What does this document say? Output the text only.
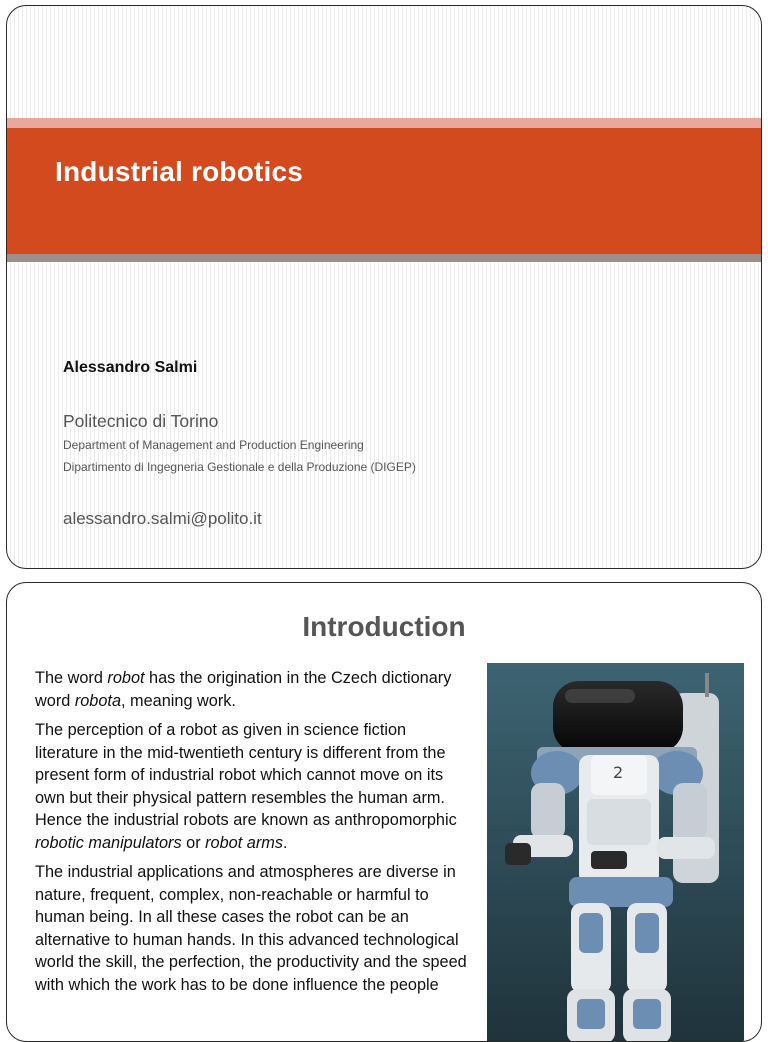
Industrial robotics
Alessandro Salmi
Politecnico di Torino
Department of Management and Production Engineering
Dipartimento di Ingegneria Gestionale e della Produzione (DIGEP)
alessandro.salmi@polito.it
Introduction

The word robot has the origination in the Czech dictionary word robota, meaning work.

The perception of a robot as given in science fiction literature in the mid-twentieth century is different from the present form of industrial robot which cannot move on its own but their physical pattern resembles the human arm. Hence the industrial robots are known as anthropomorphic robotic manipulators or robot arms.

The industrial applications and atmospheres are diverse in nature, frequent, complex, non-reachable or harmful to human being. In all these cases the robot can be an alternative to human hands. In this advanced technological world the skill, the perfection, the productivity and the speed with which the work has to be done influence the people

2
